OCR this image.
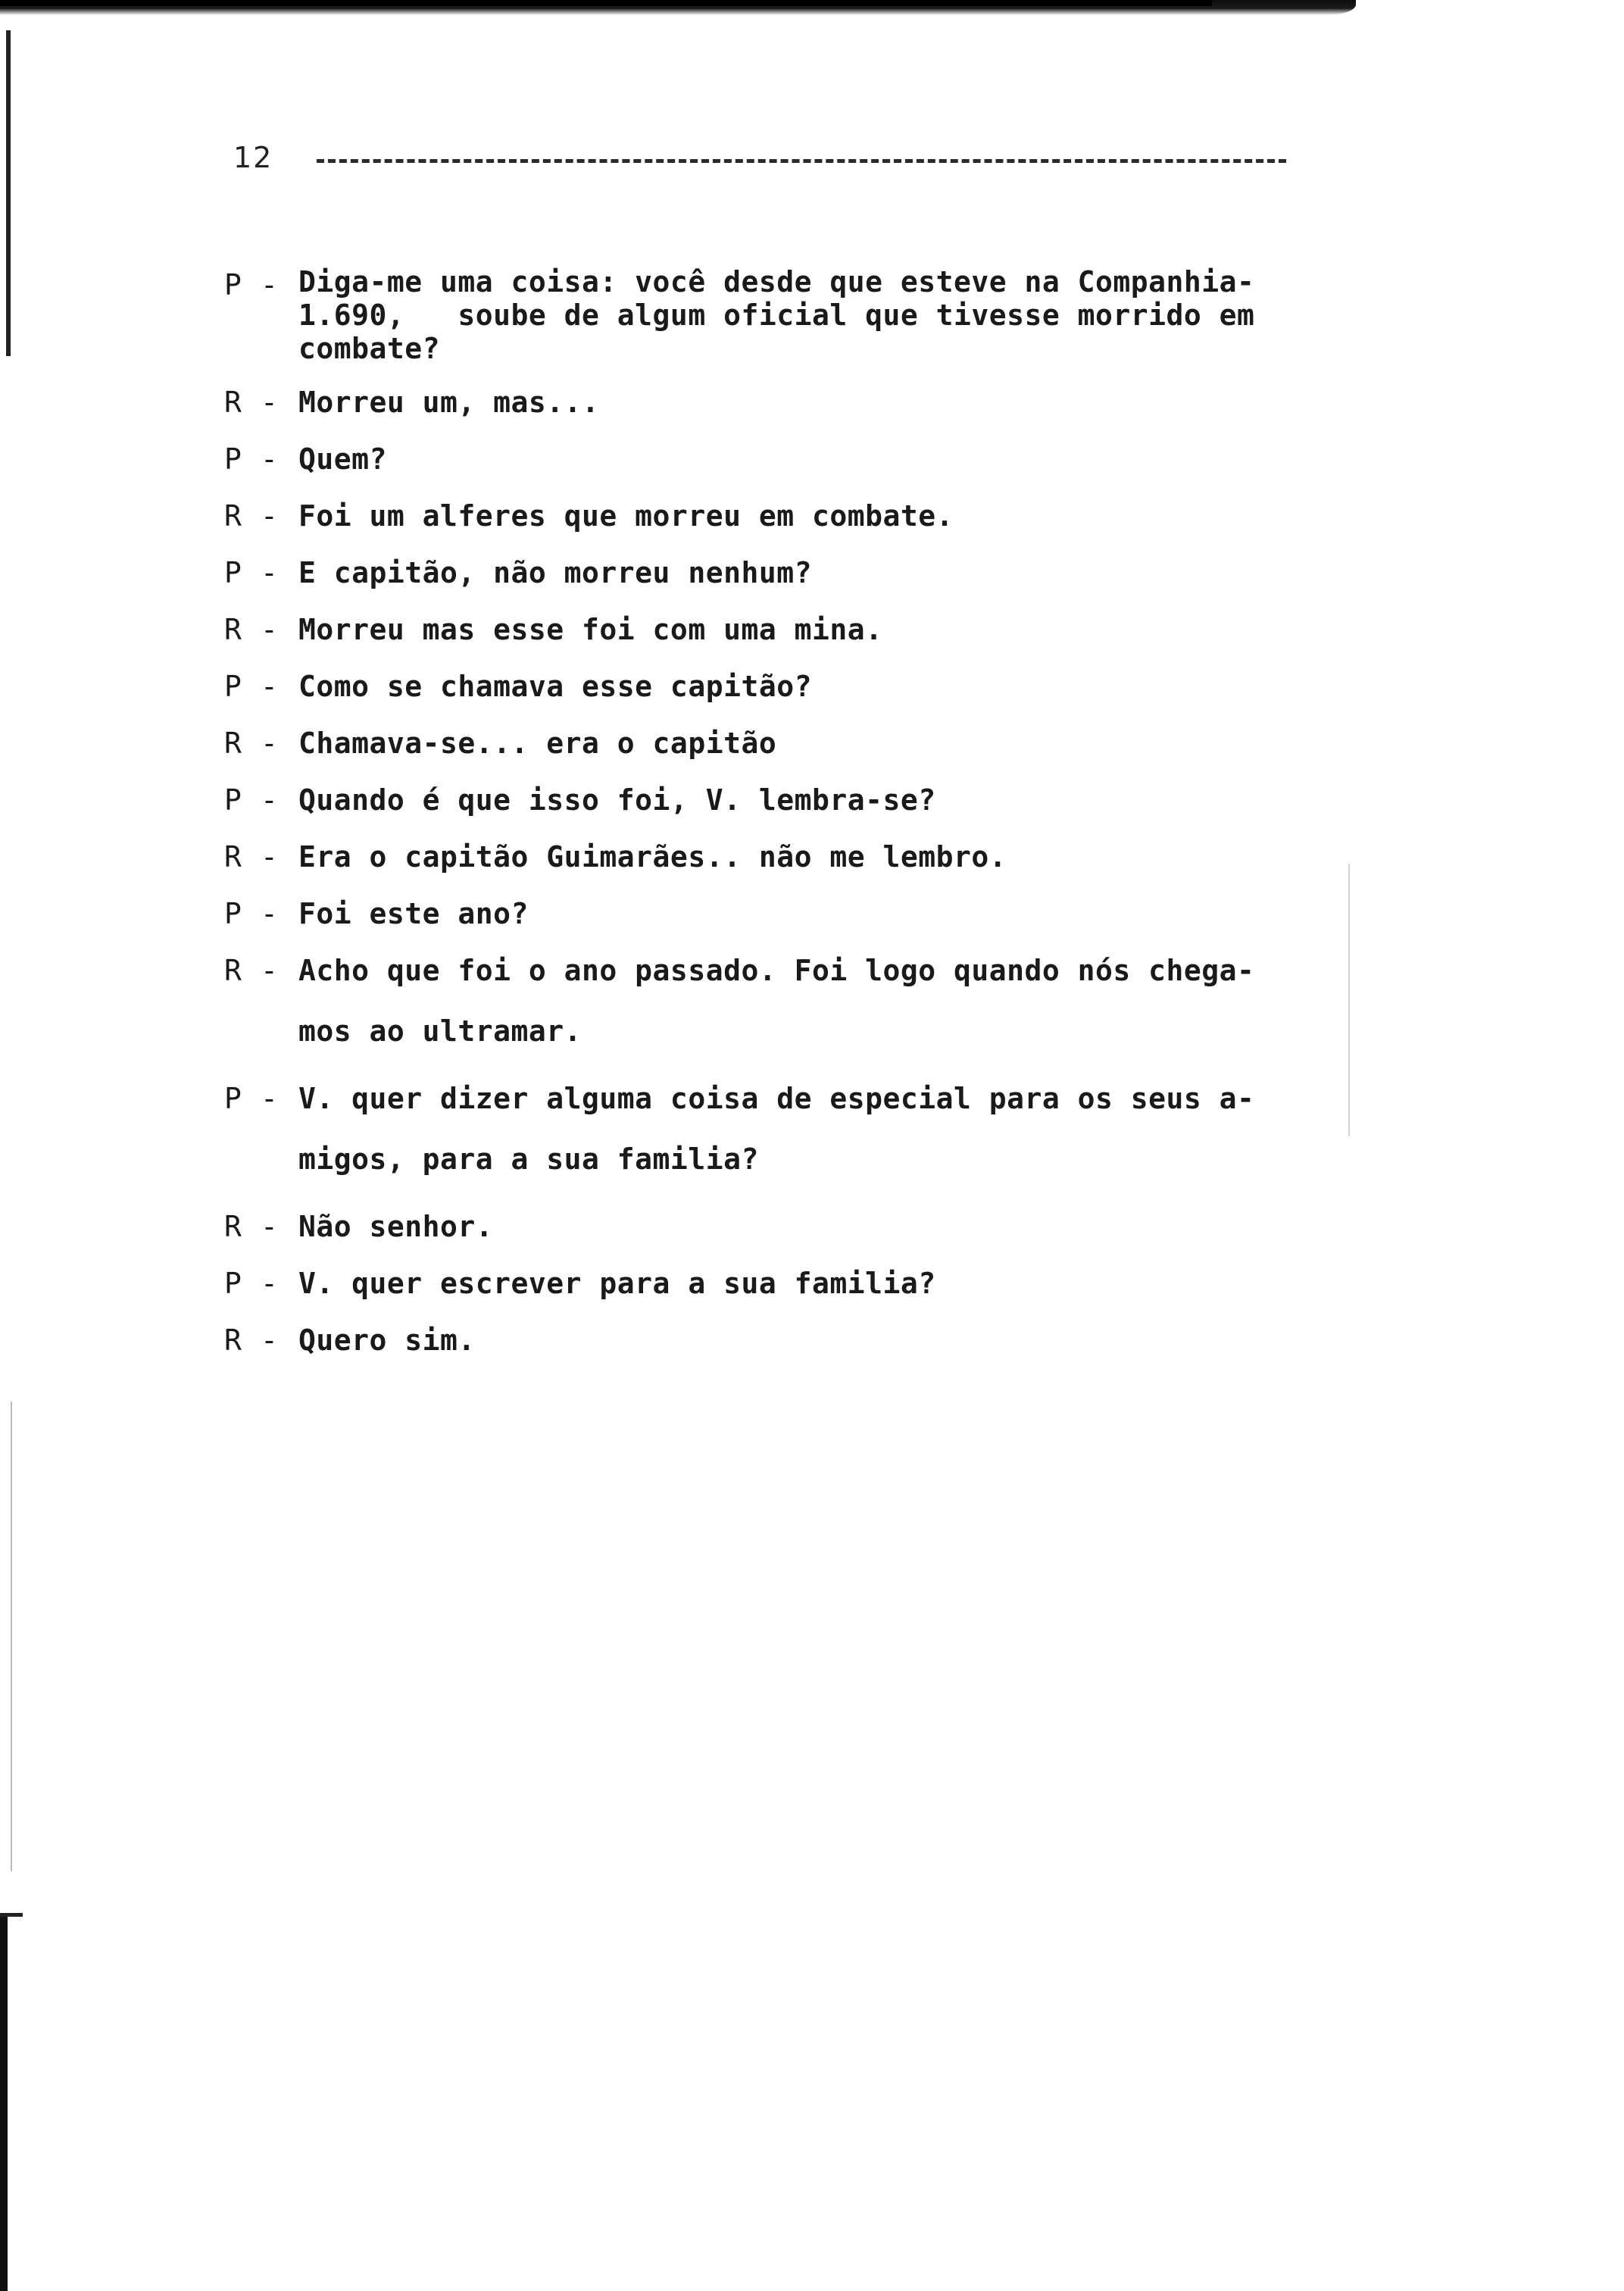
12
P - Diga-me uma coisa: você desde que esteve na Companhia-
1.690,   soube de algum oficial que tivesse morrido em
combate?
R - Morreu um, mas...
P - Quem?
R - Foi um alferes que morreu em combate.
P - E capitão, não morreu nenhum?
R - Morreu mas esse foi com uma mina.
P - Como se chamava esse capitão?
R - Chamava-se... era o capitão
P - Quando é que isso foi, V. lembra-se?
R - Era o capitão Guimarães.. não me lembro.
P - Foi este ano?
R - Acho que foi o ano passado. Foi logo quando nós chega-
mos ao ultramar.
P - V. quer dizer alguma coisa de especial para os seus a-
migos, para a sua familia?
R - Não senhor.
P - V. quer escrever para a sua familia?
R - Quero sim.
